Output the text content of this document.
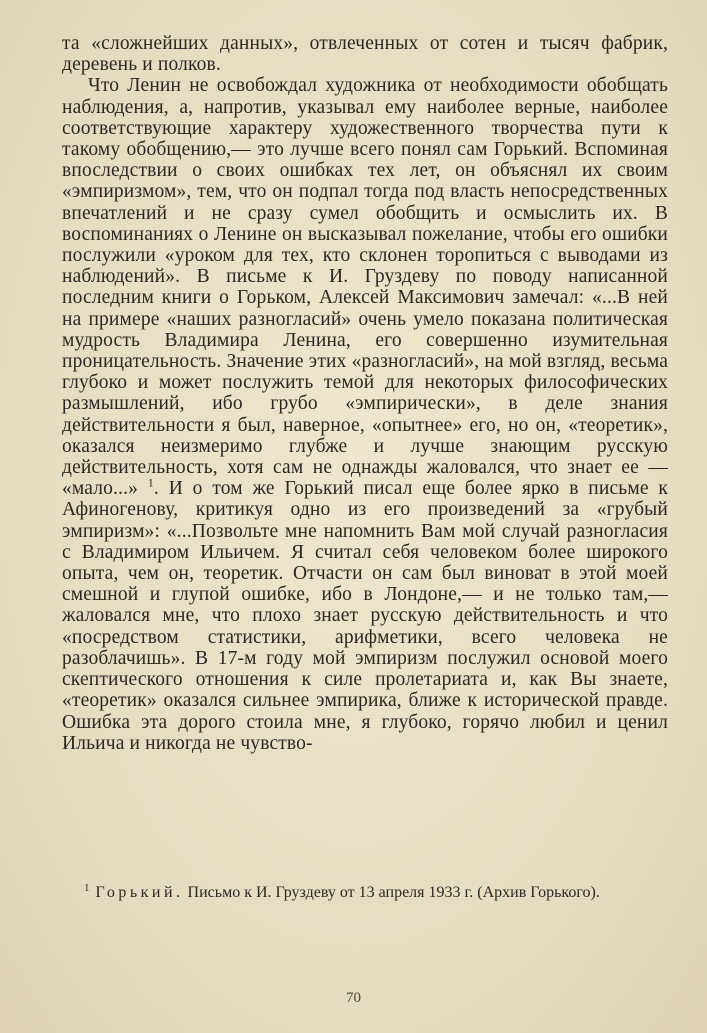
та «сложнейших данных», отвлеченных от сотен и тысяч фабрик, деревень и полков.

Что Ленин не освобождал художника от необходимости обобщать наблюдения, а, напротив, указывал ему наиболее верные, наиболее соответствующие характеру художественного творчества пути к такому обобщению,— это лучше всего понял сам Горький. Вспоминая впоследствии о своих ошибках тех лет, он объяснял их своим «эмпиризмом», тем, что он подпал тогда под власть непосредственных впечатлений и не сразу сумел обобщить и осмыслить их. В воспоминаниях о Ленине он высказывал пожелание, чтобы его ошибки послужили «уроком для тех, кто склонен торопиться с выводами из наблюдений». В письме к И. Груздеву по поводу написанной последним книги о Горьком, Алексей Максимович замечал: «...В ней на примере «наших разногласий» очень умело показана политическая мудрость Владимира Ленина, его совершенно изумительная проницательность. Значение этих «разногласий», на мой взгляд, весьма глубоко и может послужить темой для некоторых философических размышлений, ибо грубо «эмпирически», в деле знания действительности я был, наверное, «опытнее» его, но он, «теоретик», оказался неизмеримо глубже и лучше знающим русскую действительность, хотя сам не однажды жаловался, что знает ее — «мало...» $^1$. И о том же Горький писал еще более ярко в письме к Афиногенову, критикуя одно из его произведений за «грубый эмпиризм»: «...Позвольте мне напомнить Вам мой случай разногласия с Владимиром Ильичем. Я считал себя человеком более широкого опыта, чем он, теоретик. Отчасти он сам был виноват в этой моей смешной и глупой ошибке, ибо в Лондоне,— и не только там,— жаловался мне, что плохо знает русскую действительность и что «посредством статистики, арифметики, всего человека не разоблачишь». В 17-м году мой эмпиризм послужил основой моего скептического отношения к силе пролетариата и, как Вы знаете, «теоретик» оказался сильнее эмпирика, ближе к исторической правде. Ошибка эта дорого стоила мне, я глубоко, горячо любил и ценил Ильича и никогда не чувство-

1 Горький. Письмо к И. Груздеву от 13 апреля 1933 г. (Архив Горького).
70
